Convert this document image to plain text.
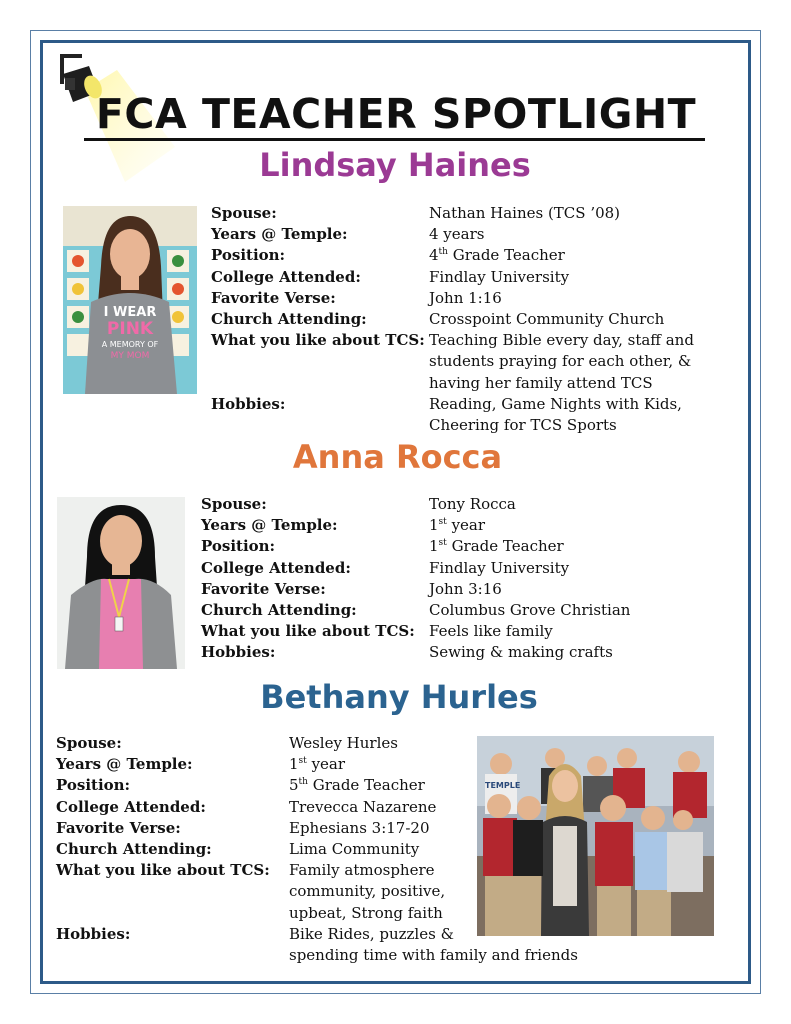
FCA TEACHER SPOTLIGHT
Lindsay Haines
I WEAR
PINK
A MEMORY OF
MY MOM
Spouse:	Nathan Haines (TCS ’08)
Years @ Temple:	4 years
Position:	4th Grade Teacher
College Attended:	Findlay University
Favorite Verse:	John 1:16
Church Attending:	Crosspoint Community Church
What you like about TCS: Teaching Bible every day, staff and
students praying for each other, &
having her family attend TCS
Hobbies:	Reading, Game Nights with Kids,
Cheering for TCS Sports
Anna Rocca
Spouse:	Tony Rocca
Years @ Temple:	1st year
Position:	1st Grade Teacher
College Attended:	Findlay University
Favorite Verse:	John 3:16
Church Attending:	Columbus Grove Christian
What you like about TCS: Feels like family
Hobbies:	Sewing & making crafts
Bethany Hurles
Spouse:	Wesley Hurles
Years @ Temple:	1st year
Position:	5th Grade Teacher
College Attended:	Trevecca Nazarene
Favorite Verse:	Ephesians 3:17-20
Church Attending:	Lima Community
What you like about TCS:	Family atmosphere
community, positive,
upbeat, Strong faith
Hobbies:	Bike Rides, puzzles &
spending time with family and friends
TEMPLE
